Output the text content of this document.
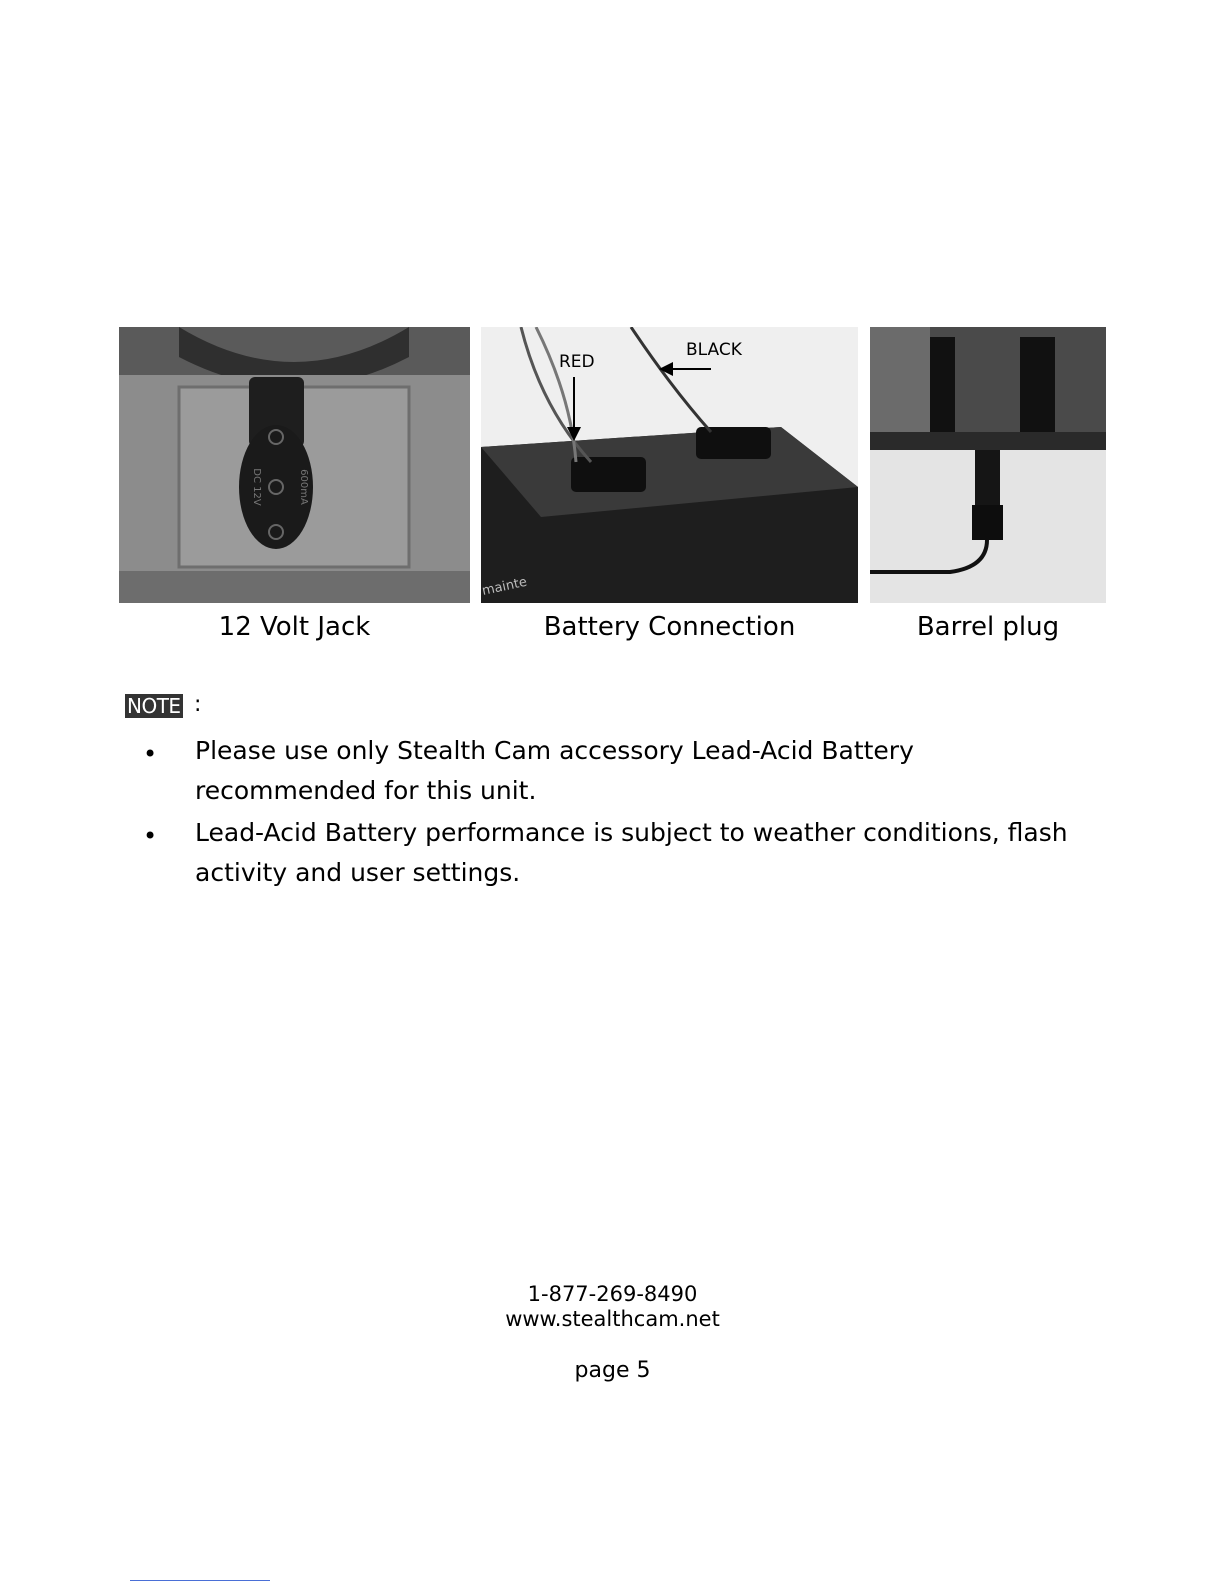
DC 12V	600mA
RED
BLACK
mainte
12 Volt Jack	Battery Connection	Barrel plug
NOTE :
•	Please use only Stealth Cam accessory Lead-Acid Battery recommended for this unit.
•	Lead-Acid Battery performance is subject to weather conditions, flash activity and user settings.
1-877-269-8490
www.stealthcam.net
page 5
